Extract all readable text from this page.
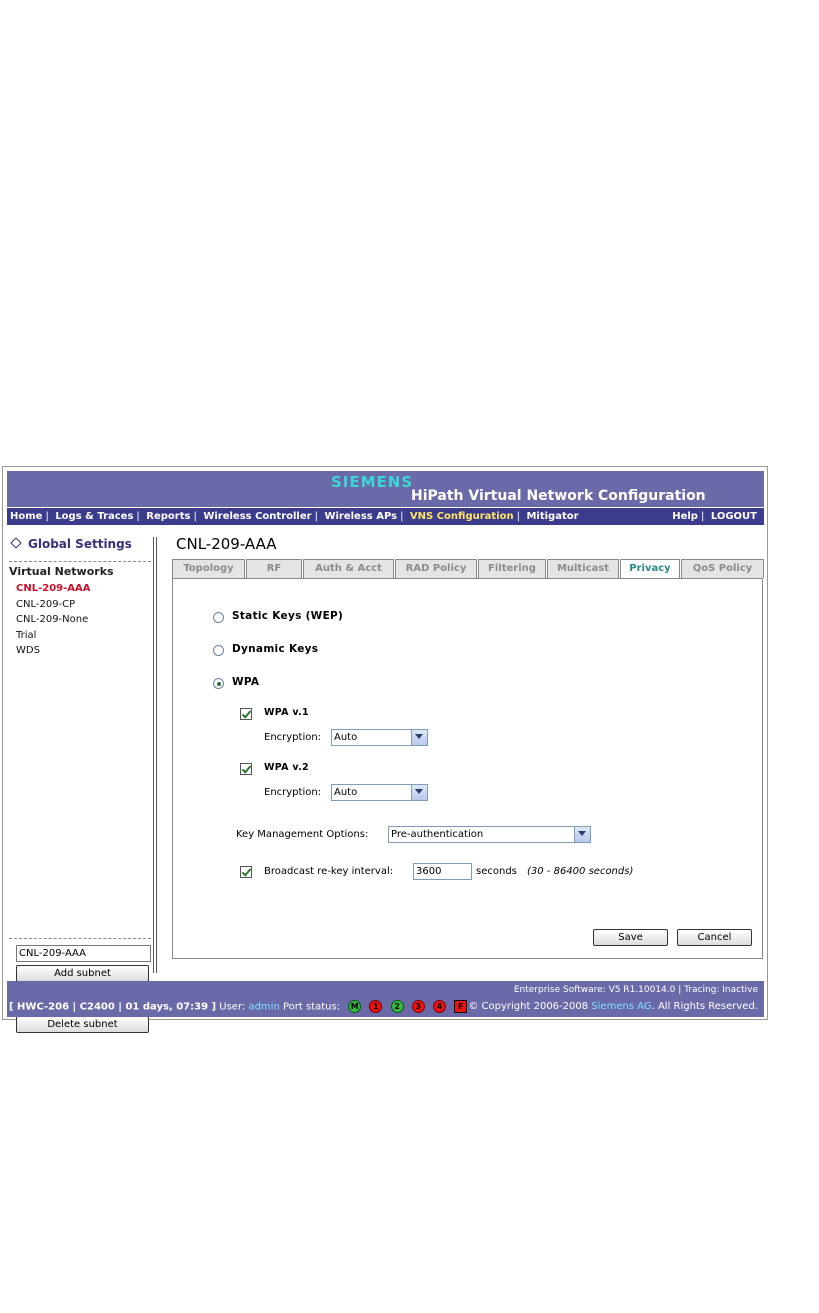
SIEMENS
HiPath Virtual Network Configuration
Home | Logs & Traces | Reports | Wireless Controller | Wireless APs | VNS Configuration | Mitigator	Help | LOGOUT
Global Settings
Virtual Networks
CNL-209-AAA
CNL-209-CP
CNL-209-None
Trial
WDS
CNL-209-AAA
Add subnet
Delete subnet
CNL-209-AAA
Topology	RF	Auth & Acct	RAD Policy	Filtering	Multicast	Privacy	QoS Policy
Static Keys (WEP)
Dynamic Keys
WPA
WPA v.1
Encryption:	Auto
WPA v.2
Encryption:	Auto
Key Management Options:	Pre-authentication
Broadcast re-key interval:	3600	seconds (30 - 86400 seconds)
Save	Cancel
Enterprise Software: V5 R1.10014.0 | Tracing: Inactive
[ HWC-206 | C2400 | 01 days, 07:39 ] User: admin Port status: M 1 2 3 4 F © Copyright 2006-2008 Siemens AG. All Rights Reserved.
